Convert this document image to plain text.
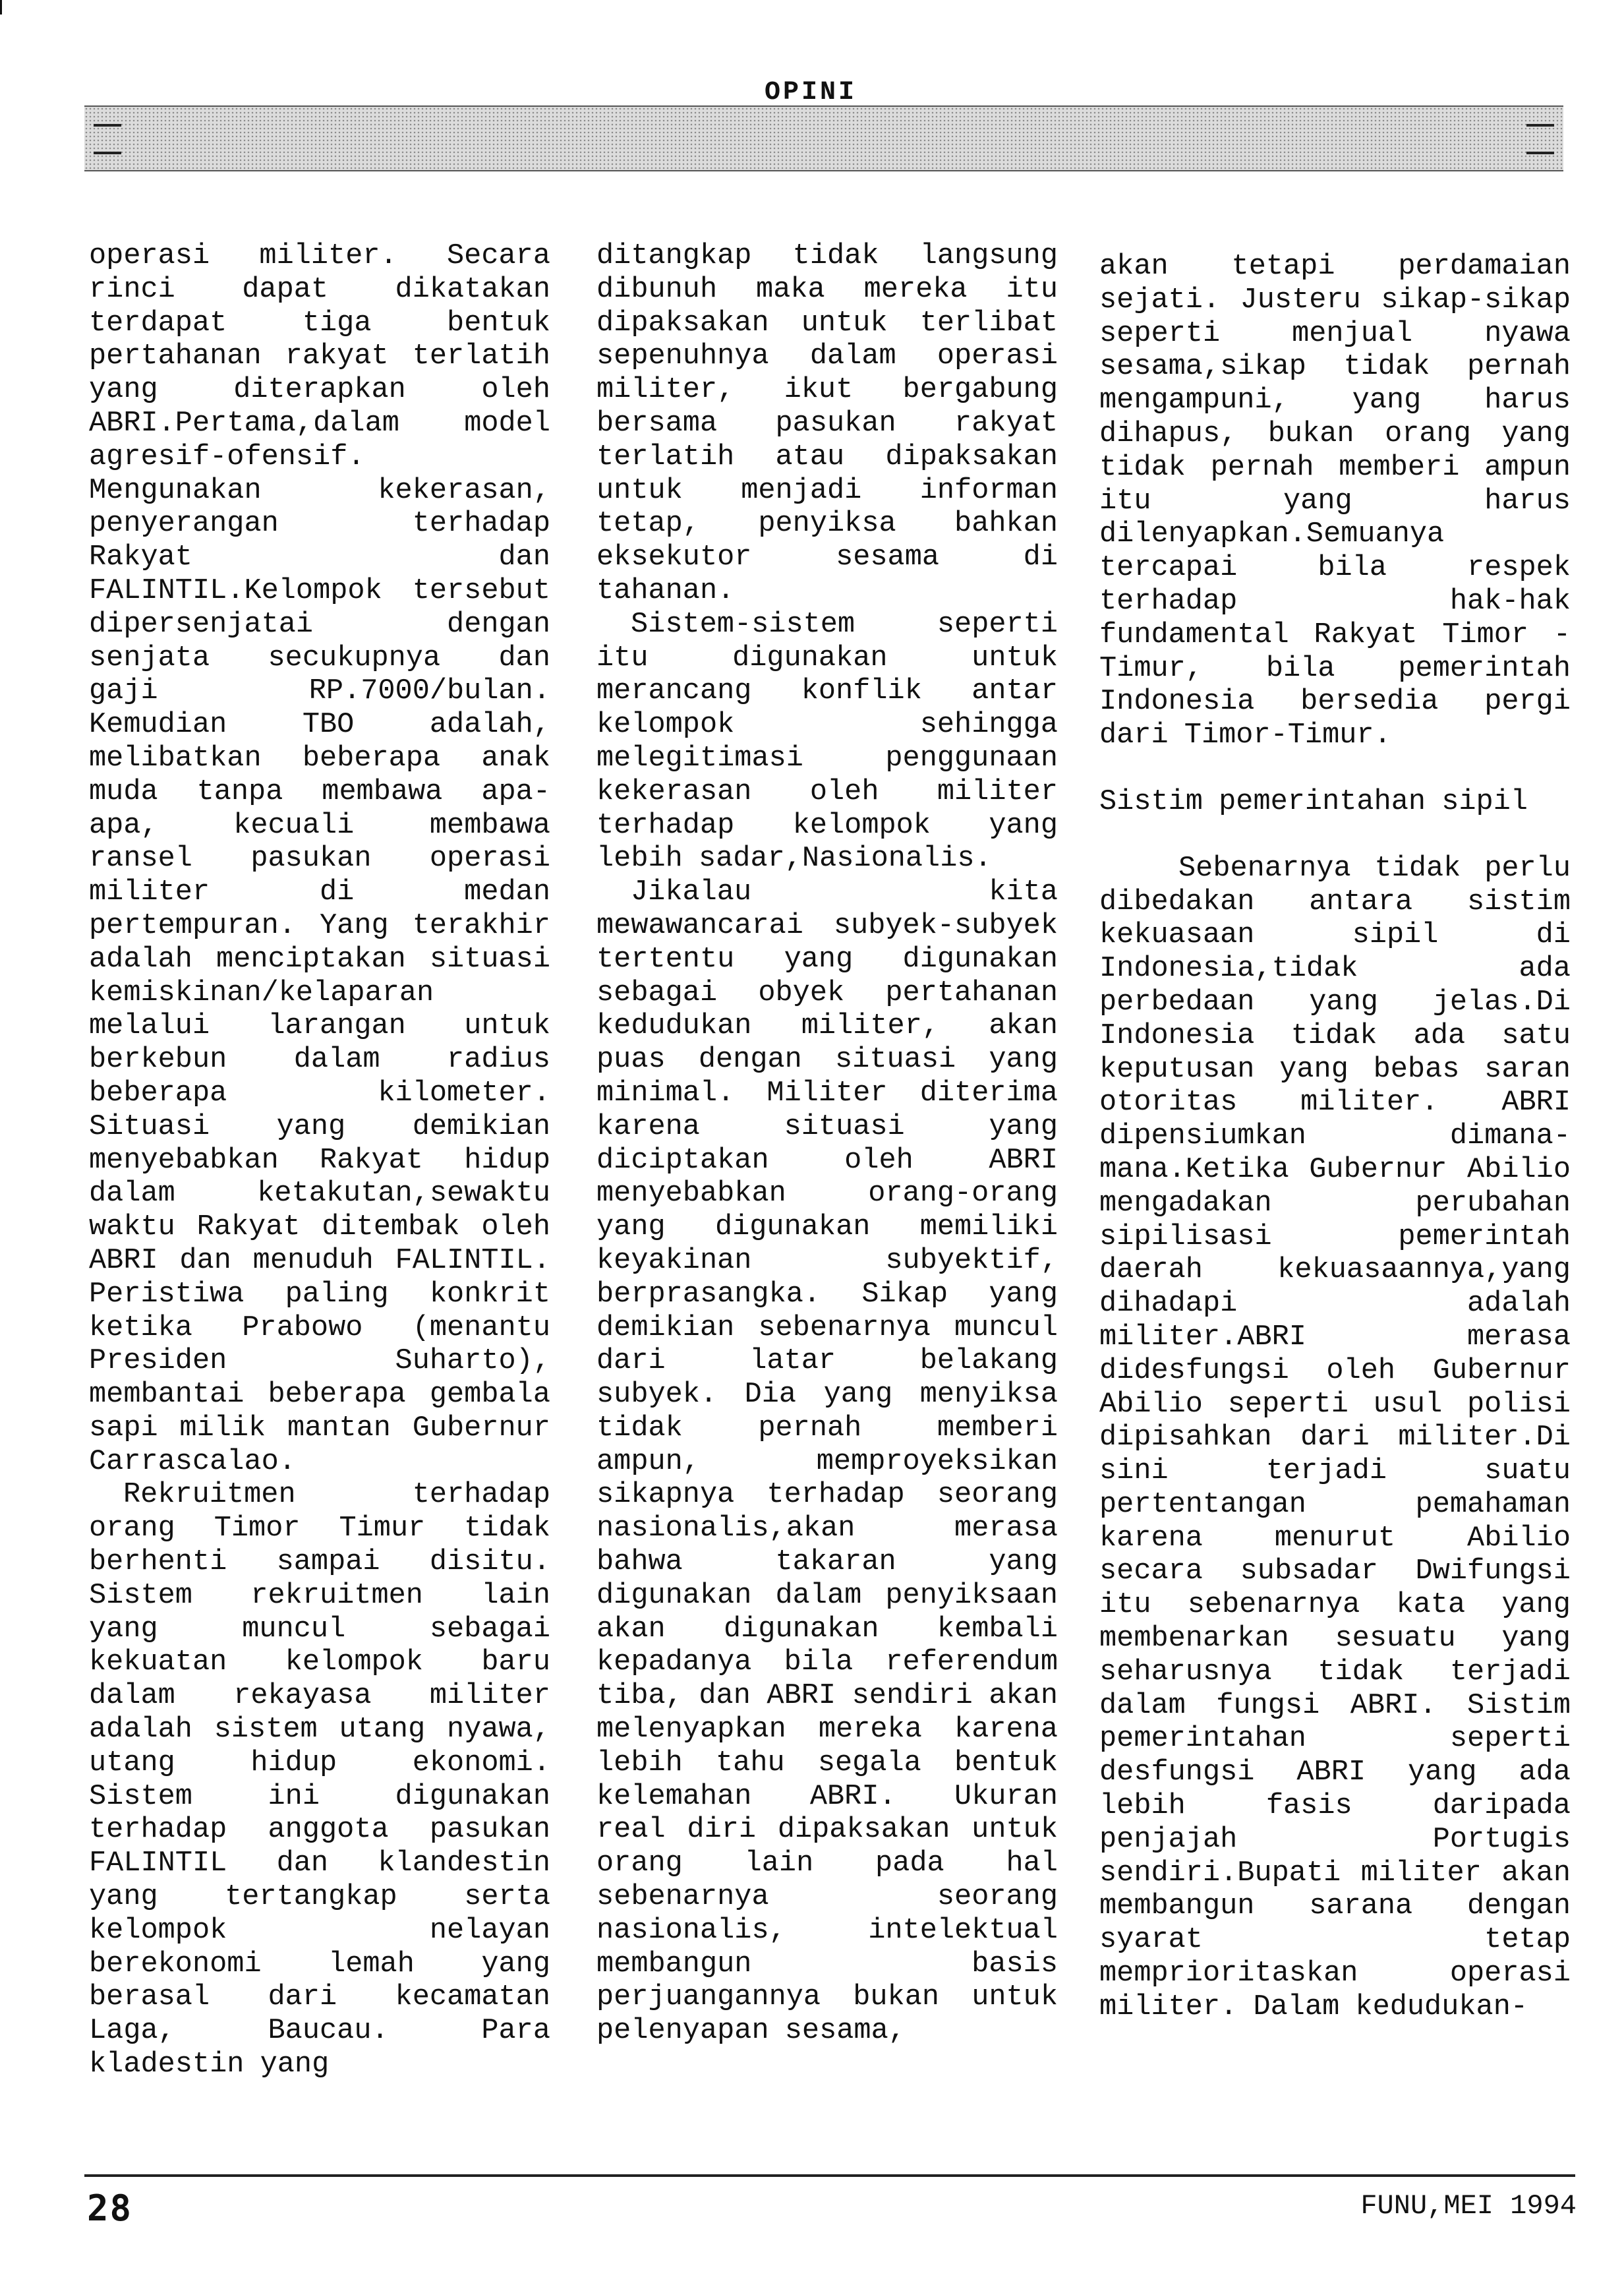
OPINI

operasi militer. Secara rinci dapat dikatakan terdapat tiga bentuk pertahanan rakyat terlatih yang diterapkan oleh ABRI.Pertama,dalam model agresif-ofensif. Mengunakan kekerasan, penyerangan terhadap Rakyat dan FALINTIL.Kelompok tersebut dipersenjatai dengan senjata secukupnya dan gaji RP.7000/bulan. Kemudian TBO adalah, melibatkan beberapa anak muda tanpa membawa apa-apa, kecuali membawa ransel pasukan operasi militer di medan pertempuran. Yang terakhir adalah menciptakan situasi kemiskinan/kelaparan melalui larangan untuk berkebun dalam radius beberapa kilometer. Situasi yang demikian menyebabkan Rakyat hidup dalam ketakutan,sewaktu waktu Rakyat ditembak oleh ABRI dan menuduh FALINTIL. Peristiwa paling konkrit ketika Prabowo (menantu Presiden Suharto), membantai beberapa gembala sapi milik mantan Gubernur Carrascalao.

Rekruitmen terhadap orang Timor Timur tidak berhenti sampai disitu. Sistem rekruitmen lain yang muncul sebagai kekuatan kelompok baru dalam rekayasa militer adalah sistem utang nyawa, utang hidup ekonomi. Sistem ini digunakan terhadap anggota pasukan FALINTIL dan klandestin yang tertangkap serta kelompok nelayan berekonomi lemah yang berasal dari kecamatan Laga, Baucau. Para kladestin yang

ditangkap tidak langsung dibunuh maka mereka itu dipaksakan untuk terlibat sepenuhnya dalam operasi militer, ikut bergabung bersama pasukan rakyat terlatih atau dipaksakan untuk menjadi informan tetap, penyiksa bahkan eksekutor sesama di tahanan.

Sistem-sistem seperti itu digunakan untuk merancang konflik antar kelompok sehingga melegitimasi penggunaan kekerasan oleh militer terhadap kelompok yang lebih sadar,Nasionalis.

Jikalau kita mewawancarai subyek-subyek tertentu yang digunakan sebagai obyek pertahanan kedudukan militer, akan puas dengan situasi yang minimal. Militer diterima karena situasi yang diciptakan oleh ABRI menyebabkan orang-orang yang digunakan memiliki keyakinan subyektif, berprasangka. Sikap yang demikian sebenarnya muncul dari latar belakang subyek. Dia yang menyiksa tidak pernah memberi ampun, memproyeksikan sikapnya terhadap seorang nasionalis,akan merasa bahwa takaran yang digunakan dalam penyiksaan akan digunakan kembali kepadanya bila referendum tiba, dan ABRI sendiri akan melenyapkan mereka karena lebih tahu segala bentuk kelemahan ABRI. Ukuran real diri dipaksakan untuk orang lain pada hal sebenarnya seorang nasionalis, intelektual membangun basis perjuangannya bukan untuk pelenyapan sesama,

akan tetapi perdamaian sejati. Justeru sikap-sikap seperti menjual nyawa sesama,sikap tidak pernah mengampuni, yang harus dihapus, bukan orang yang tidak pernah memberi ampun itu yang harus dilenyapkan.Semuanya tercapai bila respek terhadap hak-hak fundamental Rakyat Timor - Timur, bila pemerintah Indonesia bersedia pergi dari Timor-Timur.

Sistim pemerintahan sipil

Sebenarnya tidak perlu dibedakan antara sistim kekuasaan sipil di Indonesia,tidak ada perbedaan yang jelas.Di Indonesia tidak ada satu keputusan yang bebas saran otoritas militer. ABRI dipensiumkan dimana-mana.Ketika Gubernur Abilio mengadakan perubahan sipilisasi pemerintah daerah kekuasaannya,yang dihadapi adalah militer.ABRI merasa didesfungsi oleh Gubernur Abilio seperti usul polisi dipisahkan dari militer.Di sini terjadi suatu pertentangan pemahaman karena menurut Abilio secara subsadar Dwifungsi itu sebenarnya kata yang membenarkan sesuatu yang seharusnya tidak terjadi dalam fungsi ABRI. Sistim pemerintahan seperti desfungsi ABRI yang ada lebih fasis daripada penjajah Portugis sendiri.Bupati militer akan membangun sarana dengan syarat tetap memprioritaskan operasi militer. Dalam kedudukan-

28	FUNU,MEI 1994
